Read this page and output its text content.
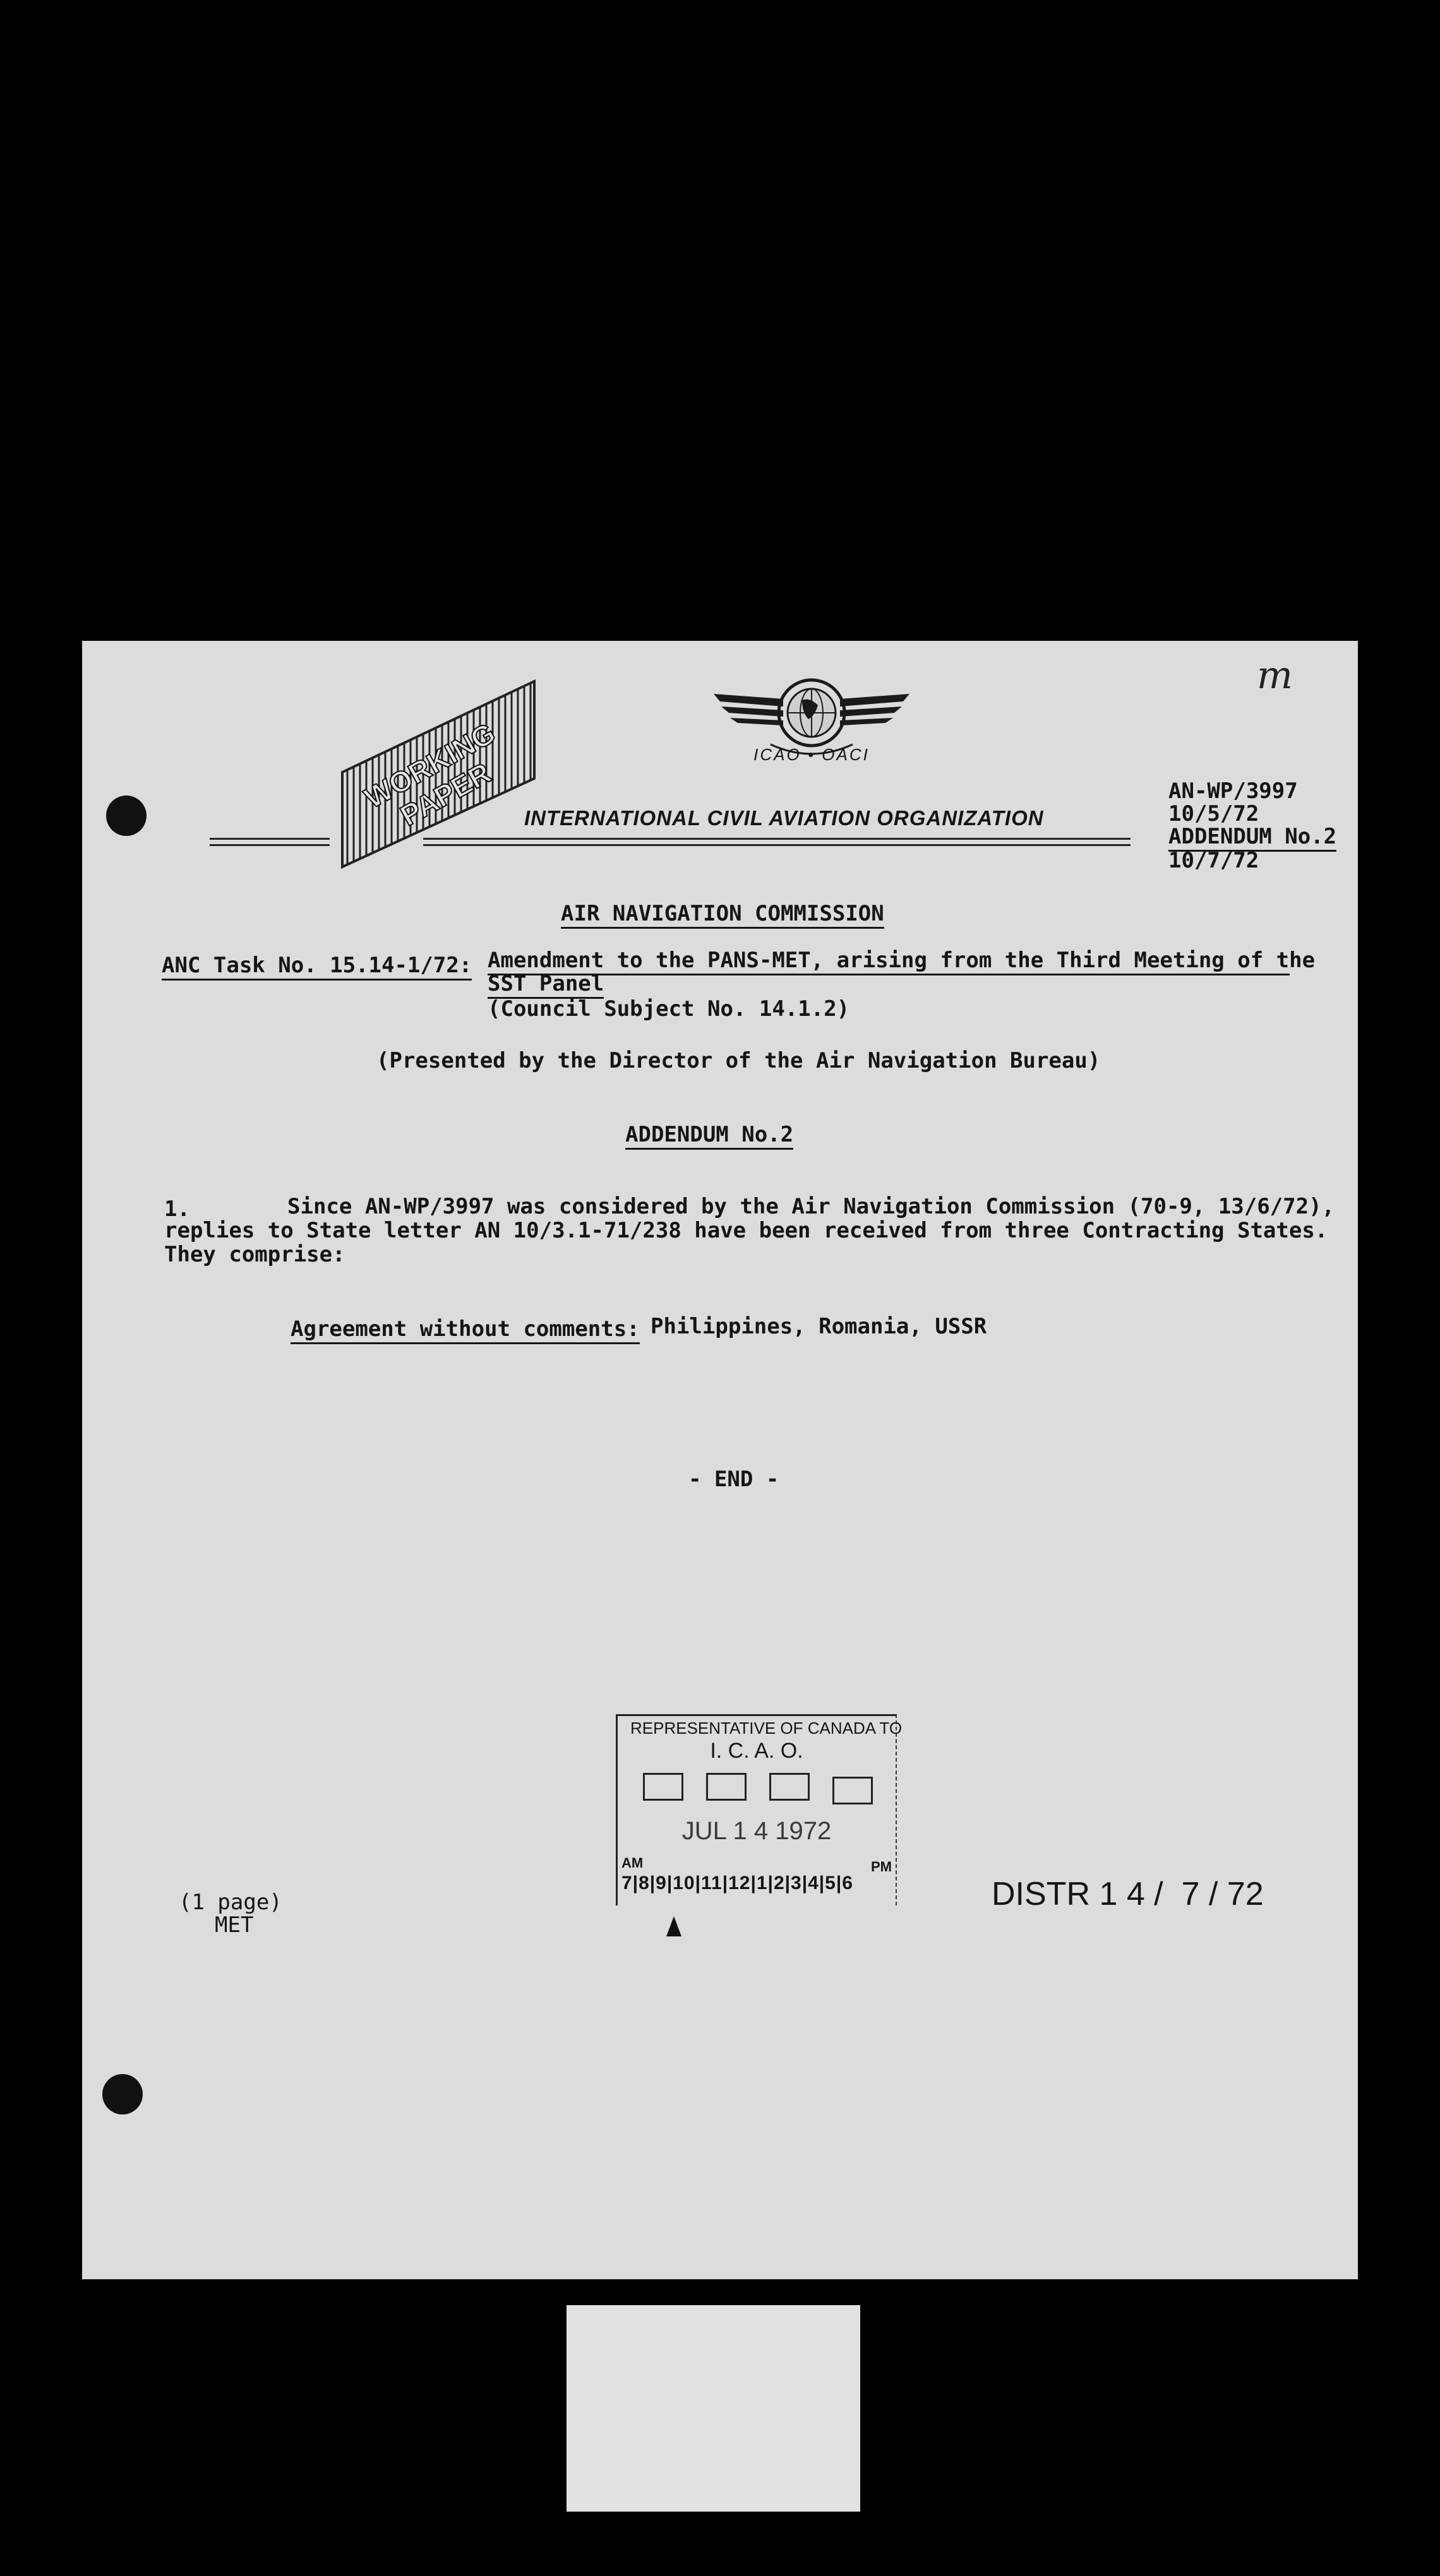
m
ICAO • OACI
WORKING PAPER	INTERNATIONAL CIVIL AVIATION ORGANIZATION
AN-WP/3997
10/5/72
ADDENDUM No.2
10/7/72
AIR NAVIGATION COMMISSION
ANC Task No. 15.14-1/72: Amendment to the PANS-MET, arising from the Third Meeting of the
SST Panel
(Council Subject No. 14.1.2)
(Presented by the Director of the Air Navigation Bureau)
ADDENDUM No.2
1.	Since AN-WP/3997 was considered by the Air Navigation Commission (70-9, 13/6/72),
replies to State letter AN 10/3.1-71/238 have been received from three Contracting States.
They comprise:
Agreement without comments: Philippines, Romania, USSR
- END -
REPRESENTATIVE OF CANADA TO
I. C. A. O.
JUL 1 4 1972
AM	PM
7|8|9|10|11|12|1|2|3|4|5|6
(1 page)
MET
DISTR 1 4 /  7 / 72
